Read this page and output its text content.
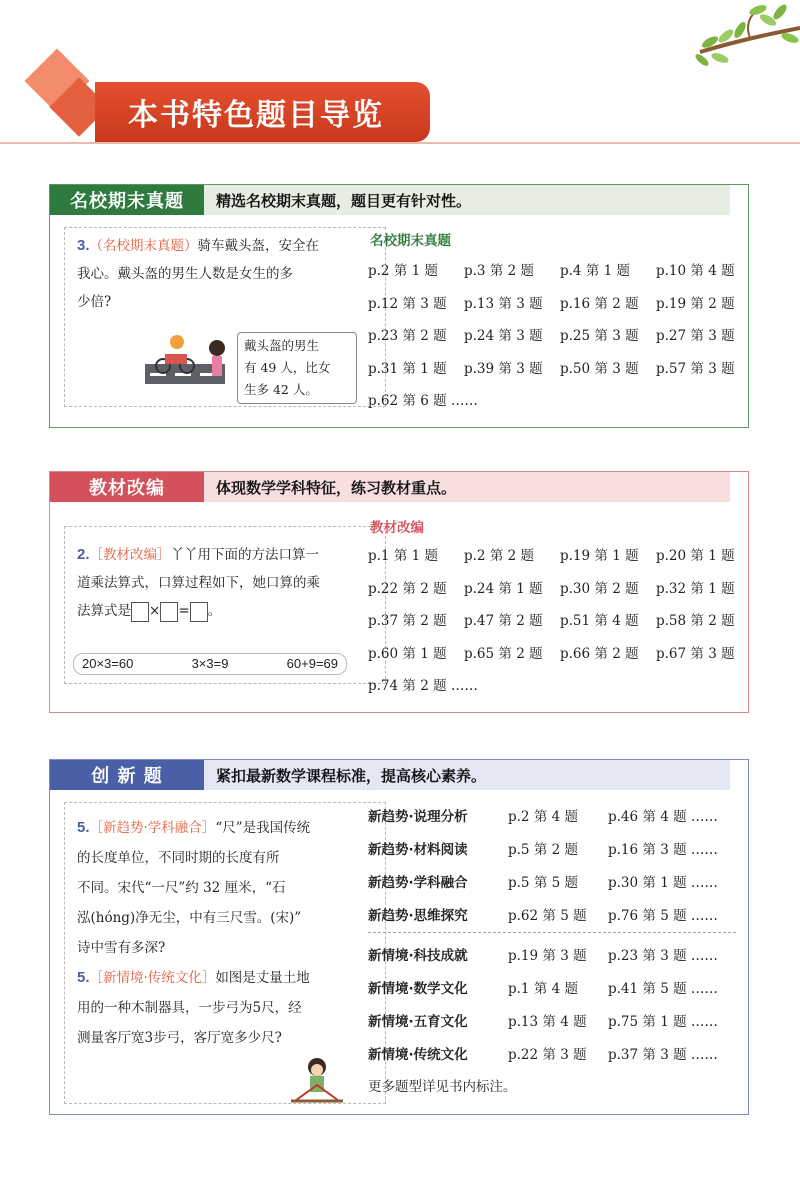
本书特色题目导览
名校期末真题	精选名校期末真题，题目更有针对性。
3.（名校期末真题）骑车戴头盔，安全在
我心。戴头盔的男生人数是女生的多
少倍?
戴头盔的男生
有 49 人，比女
生多 42 人。
名校期末真题
p.2 第 1 题	p.3 第 2 题	p.4 第 1 题	p.10 第 4 题
p.12 第 3 题	p.13 第 3 题	p.16 第 2 题	p.19 第 2 题
p.23 第 2 题	p.24 第 3 题	p.25 第 3 题	p.27 第 3 题
p.31 第 1 题	p.39 第 3 题	p.50 第 3 题	p.57 第 3 题
p.62 第 6 题 ……
教材改编	体现数学学科特征，练习教材重点。
2.［教材改编］丫丫用下面的方法口算一
道乘法算式，口算过程如下，她口算的乘
法算式是 × = 。
20×3=60	3×3=9	60+9=69
教材改编
p.1 第 1 题	p.2 第 2 题	p.19 第 1 题	p.20 第 1 题
p.22 第 2 题	p.24 第 1 题	p.30 第 2 题	p.32 第 1 题
p.37 第 2 题	p.47 第 2 题	p.51 第 4 题	p.58 第 2 题
p.60 第 1 题	p.65 第 2 题	p.66 第 2 题	p.67 第 3 题
p.74 第 2 题 ……
创 新 题	紧扣最新数学课程标准，提高核心素养。
5.［新趋势·学科融合］“尺”是我国传统
的长度单位，不同时期的长度有所
不同。宋代“一尺”约 32 厘米，“石
泓(hóng)净无尘，中有三尺雪。(宋)”
诗中雪有多深?
5.［新情境·传统文化］如图是丈量土地
用的一种木制器具，一步弓为5尺，经
测量客厅宽3步弓，客厅宽多少尺?
新趋势·说理分析	p.2 第 4 题	p.46 第 4 题 ……
新趋势·材料阅读	p.5 第 2 题	p.16 第 3 题 ……
新趋势·学科融合	p.5 第 5 题	p.30 第 1 题 ……
新趋势·思维探究	p.62 第 5 题	p.76 第 5 题 ……
新情境·科技成就	p.19 第 3 题	p.23 第 3 题 ……
新情境·数学文化	p.1 第 4 题	p.41 第 5 题 ……
新情境·五育文化	p.13 第 4 题	p.75 第 1 题 ……
新情境·传统文化	p.22 第 3 题	p.37 第 3 题 ……
更多题型详见书内标注。
